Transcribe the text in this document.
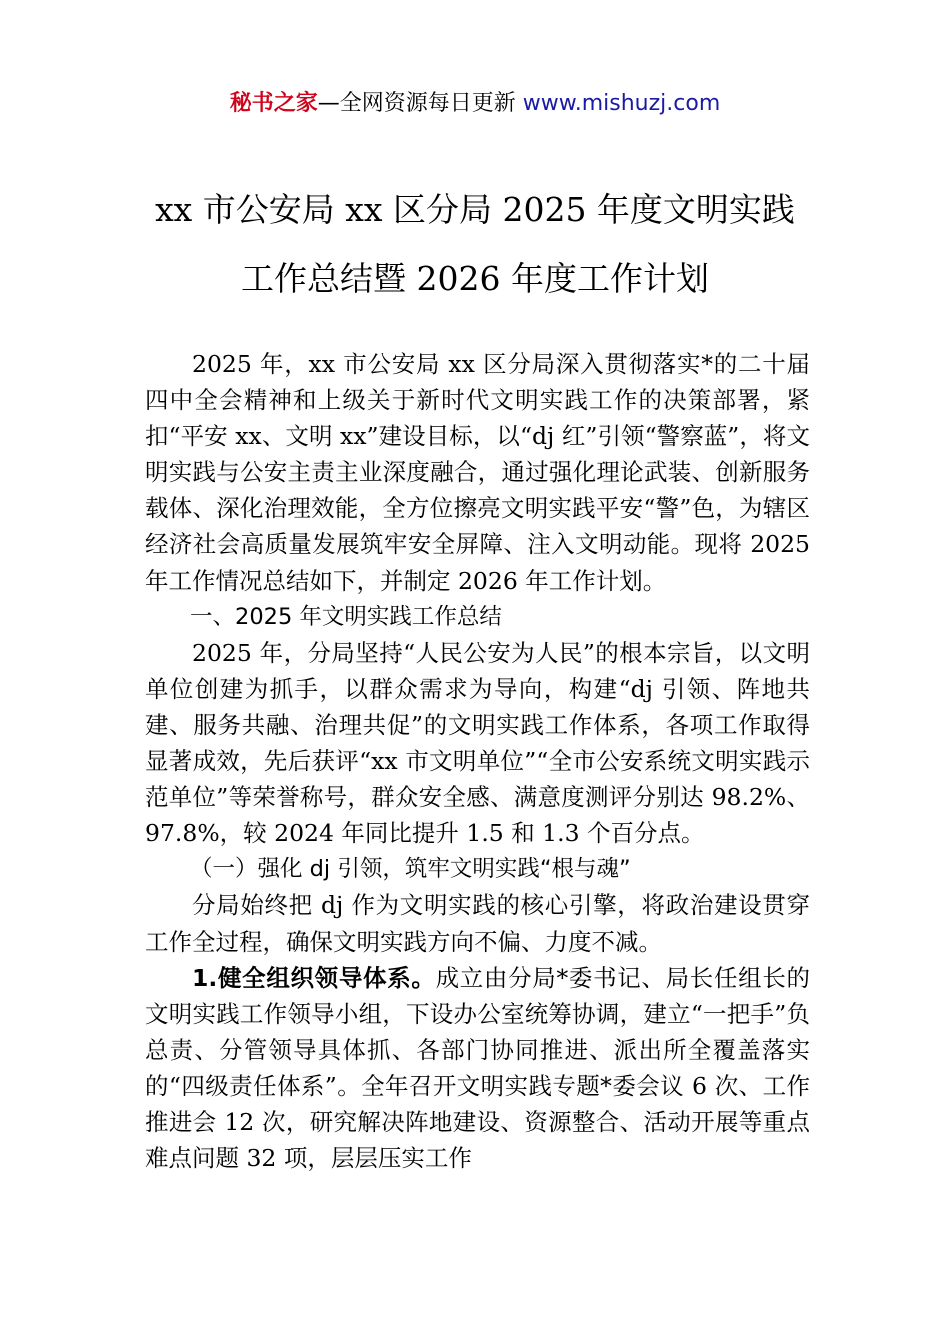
秘书之家—全网资源每日更新 www.mishuzj.com
xx 市公安局 xx 区分局 2025 年度文明实践
工作总结暨 2026 年度工作计划

2025 年，xx 市公安局 xx 区分局深入贯彻落实*的二十届四中全会精神和上级关于新时代文明实践工作的决策部署，紧扣“平安 xx、文明 xx”建设目标，以“dj 红”引领“警察蓝”，将文明实践与公安主责主业深度融合，通过强化理论武装、创新服务载体、深化治理效能，全方位擦亮文明实践平安“警”色，为辖区经济社会高质量发展筑牢安全屏障、注入文明动能。现将 2025 年工作情况总结如下，并制定 2026 年工作计划。

一、2025 年文明实践工作总结

2025 年，分局坚持“人民公安为人民”的根本宗旨，以文明单位创建为抓手，以群众需求为导向，构建“dj 引领、阵地共建、服务共融、治理共促”的文明实践工作体系，各项工作取得显著成效，先后获评“xx 市文明单位”“全市公安系统文明实践示范单位”等荣誉称号，群众安全感、满意度测评分别达 98.2%、97.8%，较 2024 年同比提升 1.5 和 1.3 个百分点。

（一）强化 dj 引领，筑牢文明实践“根与魂”

分局始终把 dj 作为文明实践的核心引擎，将政治建设贯穿工作全过程，确保文明实践方向不偏、力度不减。

1.健全组织领导体系。成立由分局*委书记、局长任组长的文明实践工作领导小组，下设办公室统筹协调，建立“一把手”负总责、分管领导具体抓、各部门协同推进、派出所全覆盖落实的“四级责任体系”。全年召开文明实践专题*委会议 6 次、工作推进会 12 次，研究解决阵地建设、资源整合、活动开展等重点难点问题 32 项，层层压实工作
